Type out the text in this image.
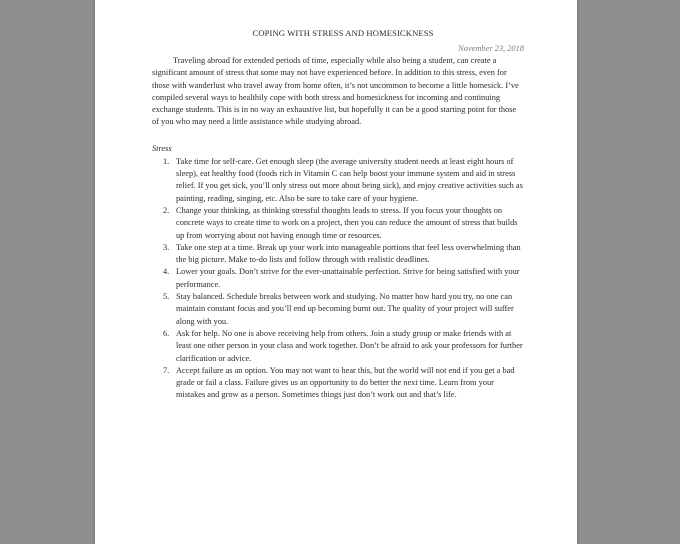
COPING WITH STRESS AND HOMESICKNESS
November 23, 2018

Traveling abroad for extended periods of time, especially while also being a student, can create a significant amount of stress that some may not have experienced before. In addition to this stress, even for those with wanderlust who travel away from home often, it’s not uncommon to become a little homesick. I’ve compiled several ways to healthily cope with both stress and homesickness for incoming and continuing exchange students. This is in no way an exhaustive list, but hopefully it can be a good starting point for those of you who may need a little assistance while studying abroad.

Stress
1. Take time for self-care. Get enough sleep (the average university student needs at least eight hours of sleep), eat healthy food (foods rich in Vitamin C can help boost your immune system and aid in stress relief. If you get sick, you’ll only stress out more about being sick), and enjoy creative activities such as painting, reading, singing, etc. Also be sure to take care of your hygiene.
2. Change your thinking, as thinking stressful thoughts leads to stress. If you focus your thoughts on concrete ways to create time to work on a project, then you can reduce the amount of stress that builds up from worrying about not having enough time or resources.
3. Take one step at a time. Break up your work into manageable portions that feel less overwhelming than the big picture. Make to-do lists and follow through with realistic deadlines.
4. Lower your goals. Don’t strive for the ever-unattainable perfection. Strive for being satisfied with your performance.
5. Stay balanced. Schedule breaks between work and studying. No matter how hard you try, no one can maintain constant focus and you’ll end up becoming burnt out. The quality of your project will suffer along with you.
6. Ask for help. No one is above receiving help from others. Join a study group or make friends with at least one other person in your class and work together. Don’t be afraid to ask your professors for further clarification or advice.
7. Accept failure as an option. You may not want to hear this, but the world will not end if you get a bad grade or fail a class. Failure gives us an opportunity to do better the next time. Learn from your mistakes and grow as a person. Sometimes things just don’t work out and that’s life.
